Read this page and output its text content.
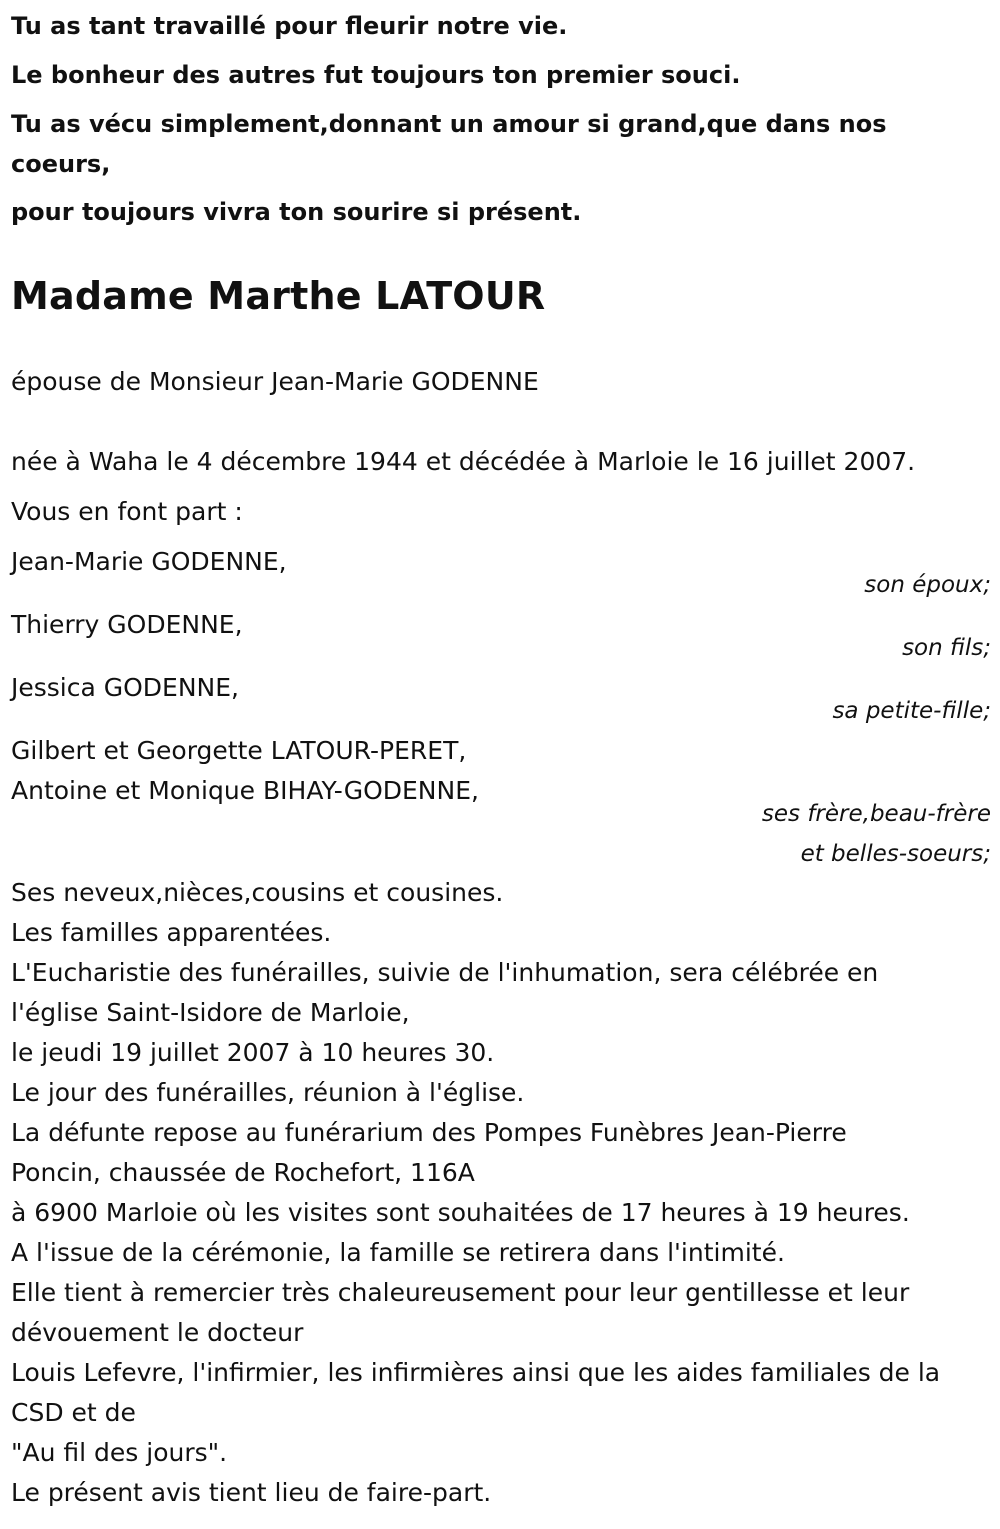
Tu as tant travaillé pour fleurir notre vie.
Le bonheur des autres fut toujours ton premier souci.
Tu as vécu simplement,donnant un amour si grand,que dans nos coeurs,
pour toujours vivra ton sourire si présent.
Madame Marthe LATOUR
épouse de Monsieur Jean-Marie GODENNE
née à Waha le 4 décembre 1944 et décédée à Marloie le 16 juillet 2007.
Vous en font part :
Jean-Marie GODENNE,
son époux;
Thierry GODENNE,
son fils;
Jessica GODENNE,
sa petite-fille;
Gilbert et Georgette LATOUR-PERET,
Antoine et Monique BIHAY-GODENNE,
ses frère,beau-frère
et belles-soeurs;
Ses neveux,nièces,cousins et cousines.
Les familles apparentées.
L'Eucharistie des funérailles, suivie de l'inhumation, sera célébrée en
l'église Saint-Isidore de Marloie,
le jeudi 19 juillet 2007 à 10 heures 30.
Le jour des funérailles, réunion à l'église.
La défunte repose au funérarium des Pompes Funèbres Jean-Pierre
Poncin, chaussée de Rochefort, 116A
à 6900 Marloie où les visites sont souhaitées de 17 heures à 19 heures.
A l'issue de la cérémonie, la famille se retirera dans l'intimité.
Elle tient à remercier très chaleureusement pour leur gentillesse et leur
dévouement le docteur
Louis Lefevre, l'infirmier, les infirmières ainsi que les aides familiales de la
CSD et de
"Au fil des jours".
Le présent avis tient lieu de faire-part.
